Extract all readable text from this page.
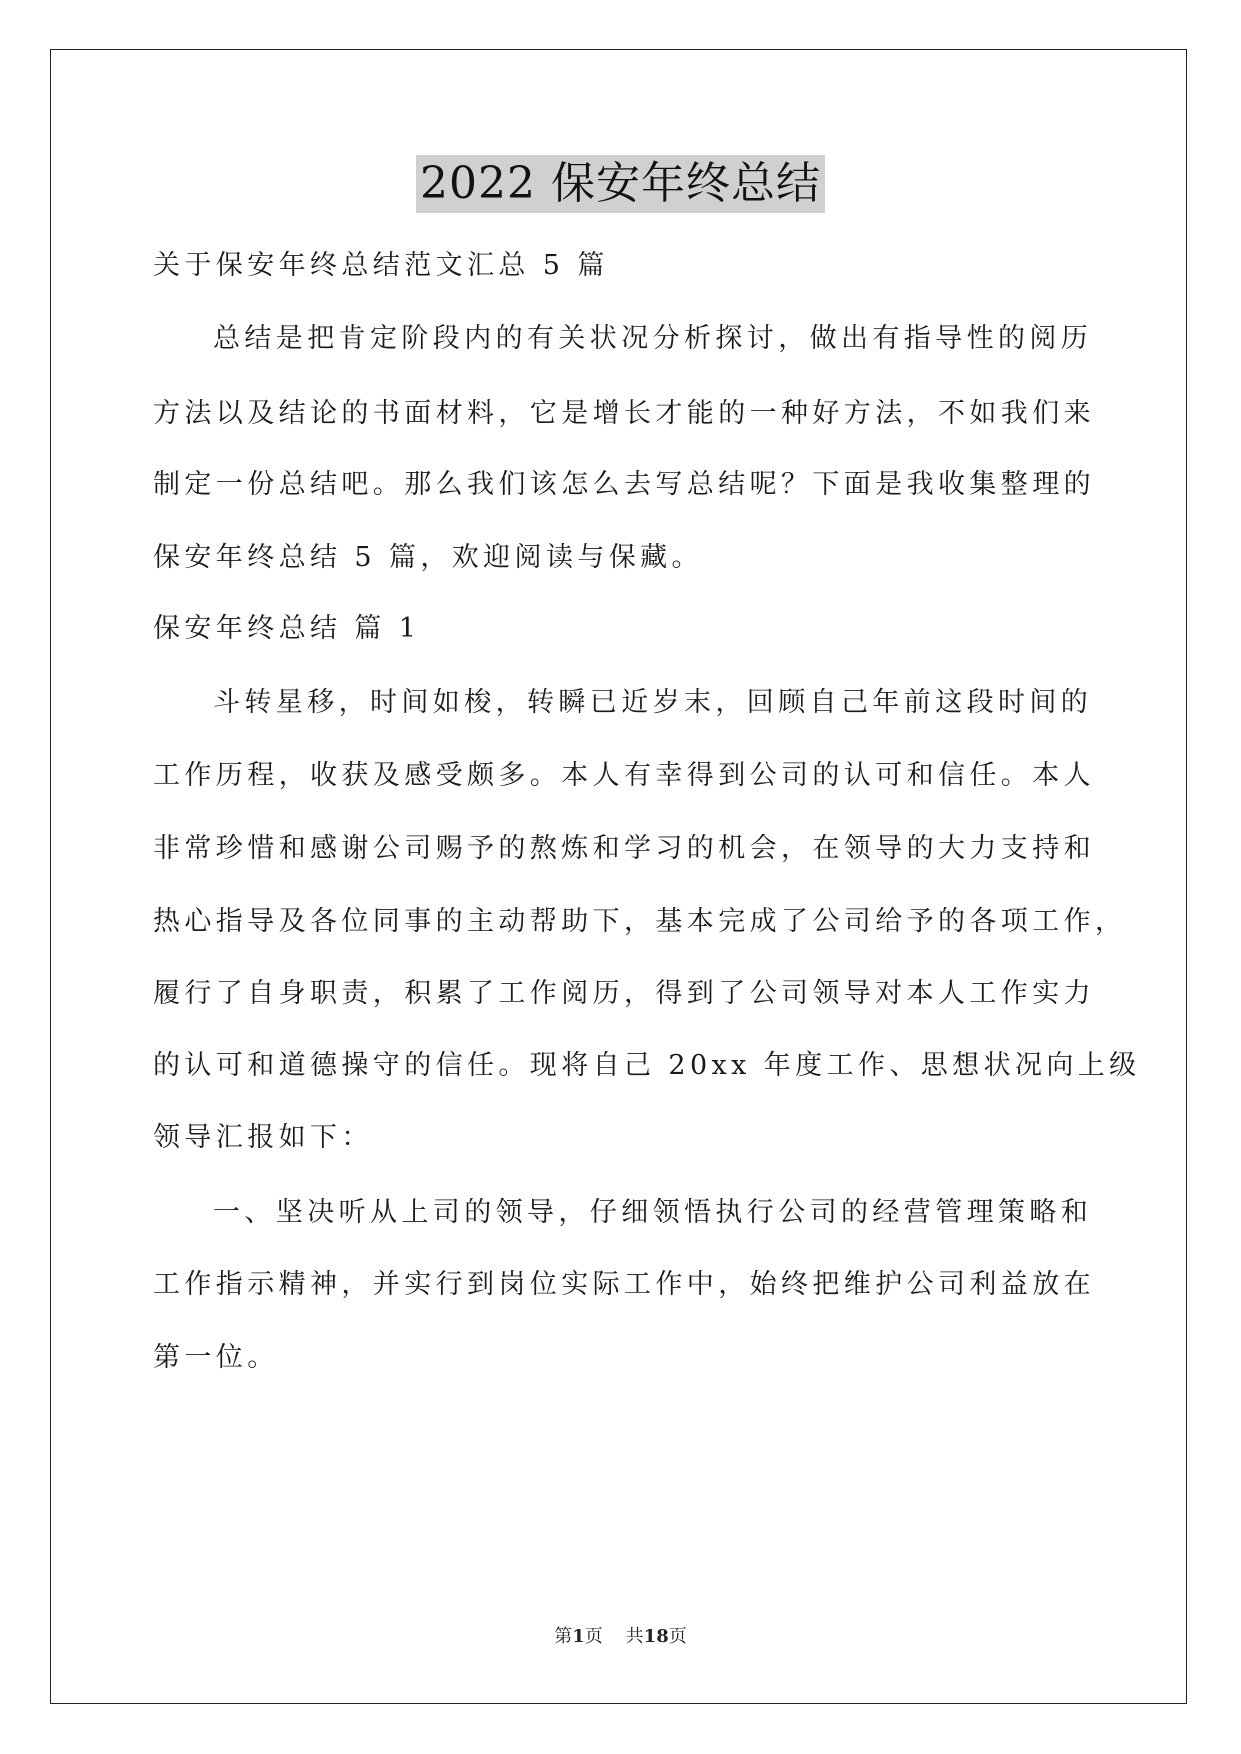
2022 保安年终总结
关于保安年终总结范文汇总 5 篇
总结是把肯定阶段内的有关状况分析探讨，做出有指导性的阅历
方法以及结论的书面材料，它是增长才能的一种好方法，不如我们来
制定一份总结吧。那么我们该怎么去写总结呢？下面是我收集整理的
保安年终总结 5 篇，欢迎阅读与保藏。
保安年终总结 篇 1
斗转星移，时间如梭，转瞬已近岁末，回顾自己年前这段时间的
工作历程，收获及感受颇多。本人有幸得到公司的认可和信任。本人
非常珍惜和感谢公司赐予的熬炼和学习的机会，在领导的大力支持和
热心指导及各位同事的主动帮助下，基本完成了公司给予的各项工作，
履行了自身职责，积累了工作阅历，得到了公司领导对本人工作实力
的认可和道德操守的信任。现将自己 20xx 年度工作、思想状况向上级
领导汇报如下：
一、坚决听从上司的领导，仔细领悟执行公司的经营管理策略和
工作指示精神，并实行到岗位实际工作中，始终把维护公司利益放在
第一位。
第1页 共18页
